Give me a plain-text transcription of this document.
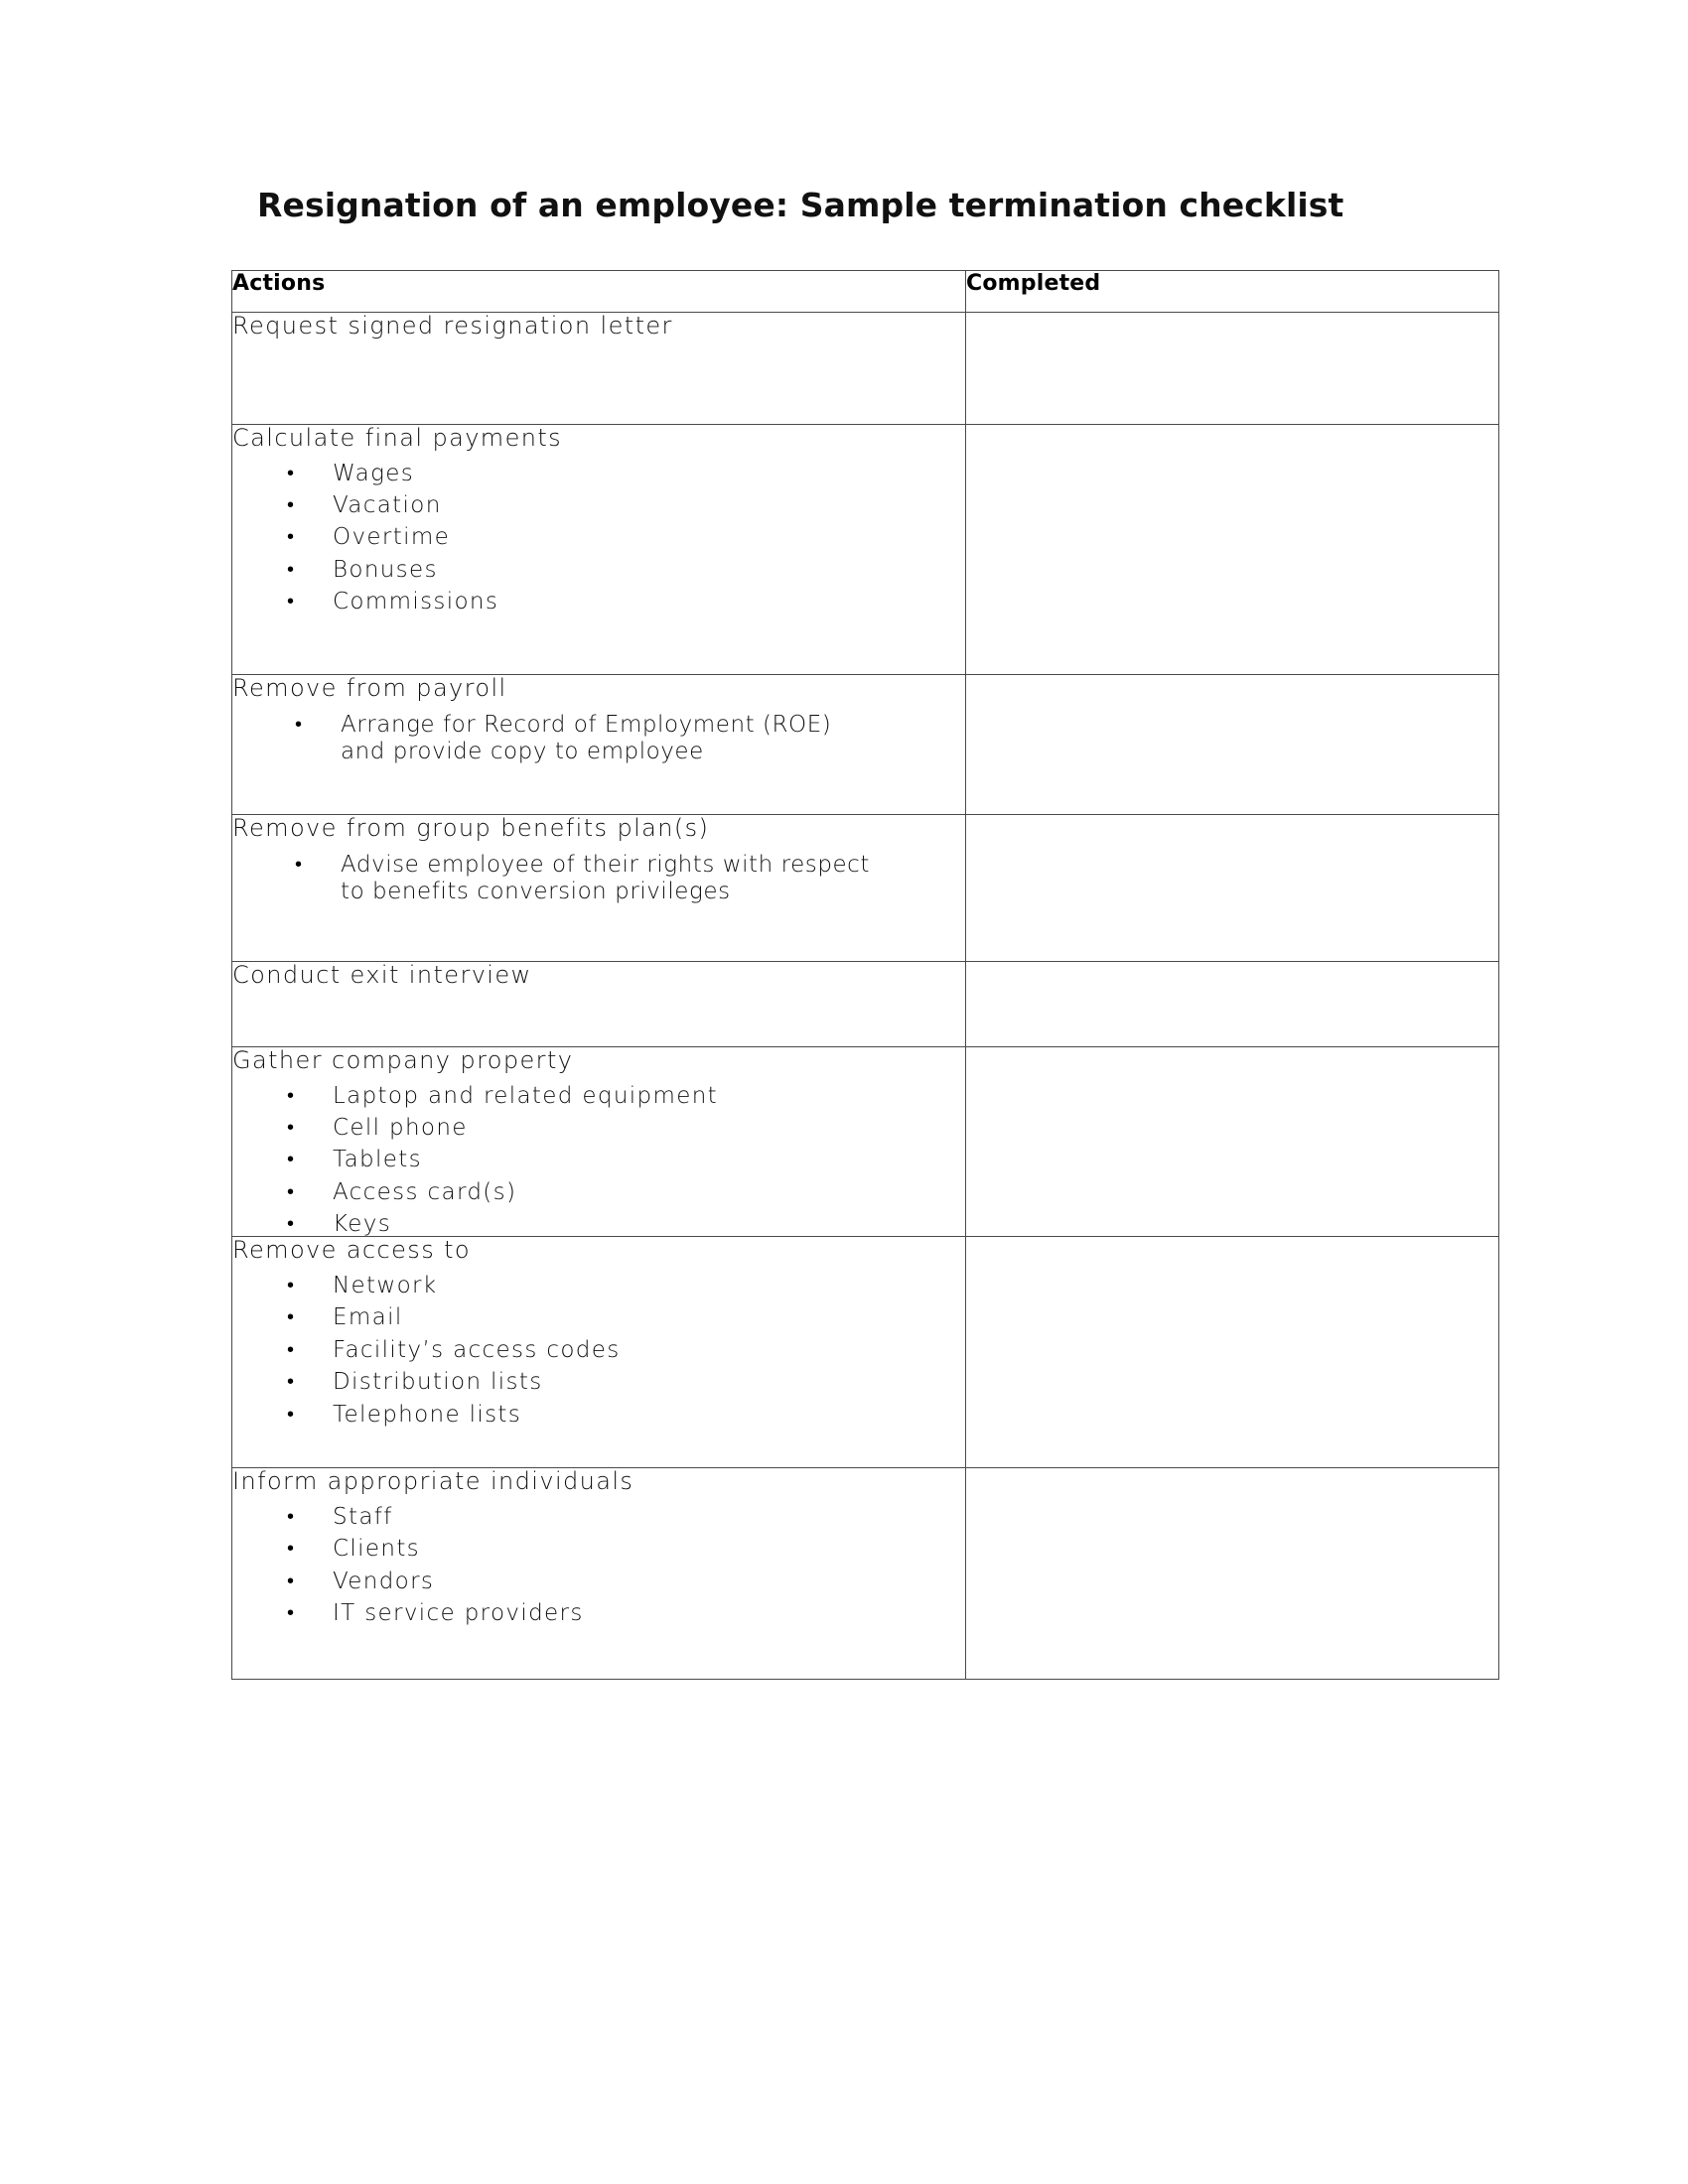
Resignation of an employee: Sample termination checklist
Actions	Completed

Request signed resignation letter	

Calculate final payments
• Wages
• Vacation
• Overtime
• Bonuses
• Commissions

Remove from payroll
• Arrange for Record of Employment (ROE) and provide copy to employee

Remove from group benefits plan(s)
• Advise employee of their rights with respect to benefits conversion privileges

Conduct exit interview	

Gather company property
• Laptop and related equipment
• Cell phone
• Tablets
• Access card(s)
• Keys

Remove access to
• Network
• Email
• Facility’s access codes
• Distribution lists
• Telephone lists

Inform appropriate individuals
• Staff
• Clients
• Vendors
• IT service providers
